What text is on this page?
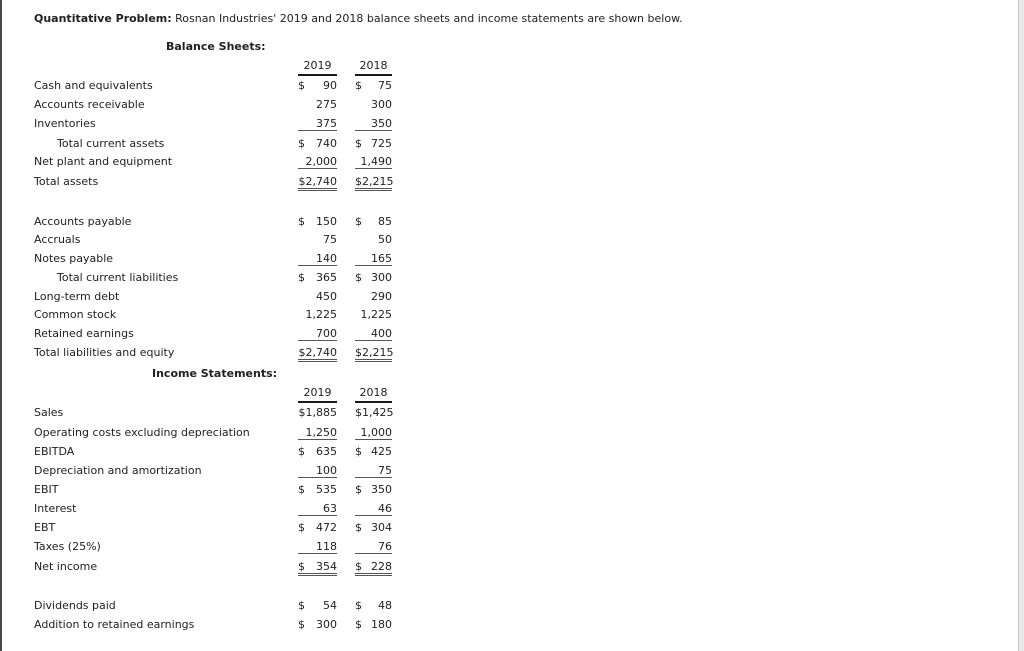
Quantitative Problem: Rosnan Industries' 2019 and 2018 balance sheets and income statements are shown below.
Balance Sheets:
2019	2018
Cash and equivalents	$ 90 $ 75
Accounts receivable	275	300
Inventories	375	350
Total current assets	$ 740 $ 725
Net plant and equipment	2,000	1,490
Total assets	$2,740 $2,215
Accounts payable	$ 150 $ 85
Accruals	75	50
Notes payable	140	165
Total current liabilities	$ 365 $ 300
Long-term debt	450	290
Common stock	1,225	1,225
Retained earnings	700	400
Total liabilities and equity	$2,740 $2,215
Income Statements:
2019	2018
Sales	$1,885 $1,425
Operating costs excluding depreciation	1,250	1,000
EBITDA	$ 635 $ 425
Depreciation and amortization	100	75
EBIT	$ 535 $ 350
Interest	63	46
EBT	$ 472 $ 304
Taxes (25%)	118	76
Net income	$ 354 $ 228
Dividends paid	$ 54 $ 48
Addition to retained earnings	$ 300 $ 180
